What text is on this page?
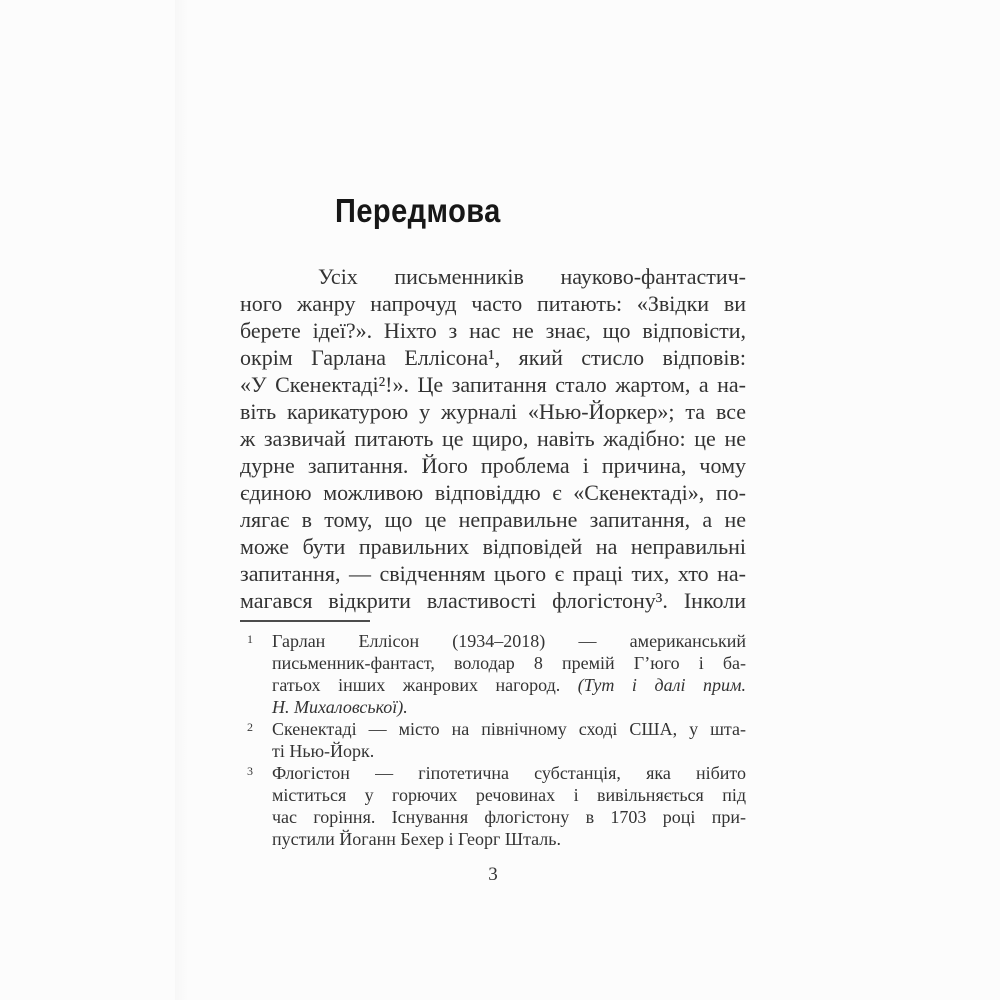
Передмова
Усіх письменників науково-фантастич-
ного жанру напрочуд часто питають: «Звідки ви
берете ідеї?». Ніхто з нас не знає, що відповісти,
окрім Гарлана Еллісона¹, який стисло відповів:
«У Скенектаді²!». Це запитання стало жартом, а на-
віть карикатурою у журналі «Нью-Йоркер»; та все
ж зазвичай питають це щиро, навіть жадібно: це не
дурне запитання. Його проблема і причина, чому
єдиною можливою відповіддю є «Скенектаді», по-
лягає в тому, що це неправильне запитання, а не
може бути правильних відповідей на неправильні
запитання, — свідченням цього є праці тих, хто на-
магався відкрити властивості флогістону³. Інколи
1	Гарлан Еллісон (1934–2018) — американський
письменник-фантаст, володар 8 премій Г’юго і ба-
гатьох інших жанрових нагород. (Тут і далі прим.
Н. Михаловської).
2	Скенектаді — місто на північному сході США, у шта-
ті Нью-Йорк.
3	Флогістон — гіпотетична субстанція, яка нібито
міститься у горючих речовинах і вивільняється під
час горіння. Існування флогістону в 1703 році при-
пустили Йоганн Бехер і Георг Шталь.
3
